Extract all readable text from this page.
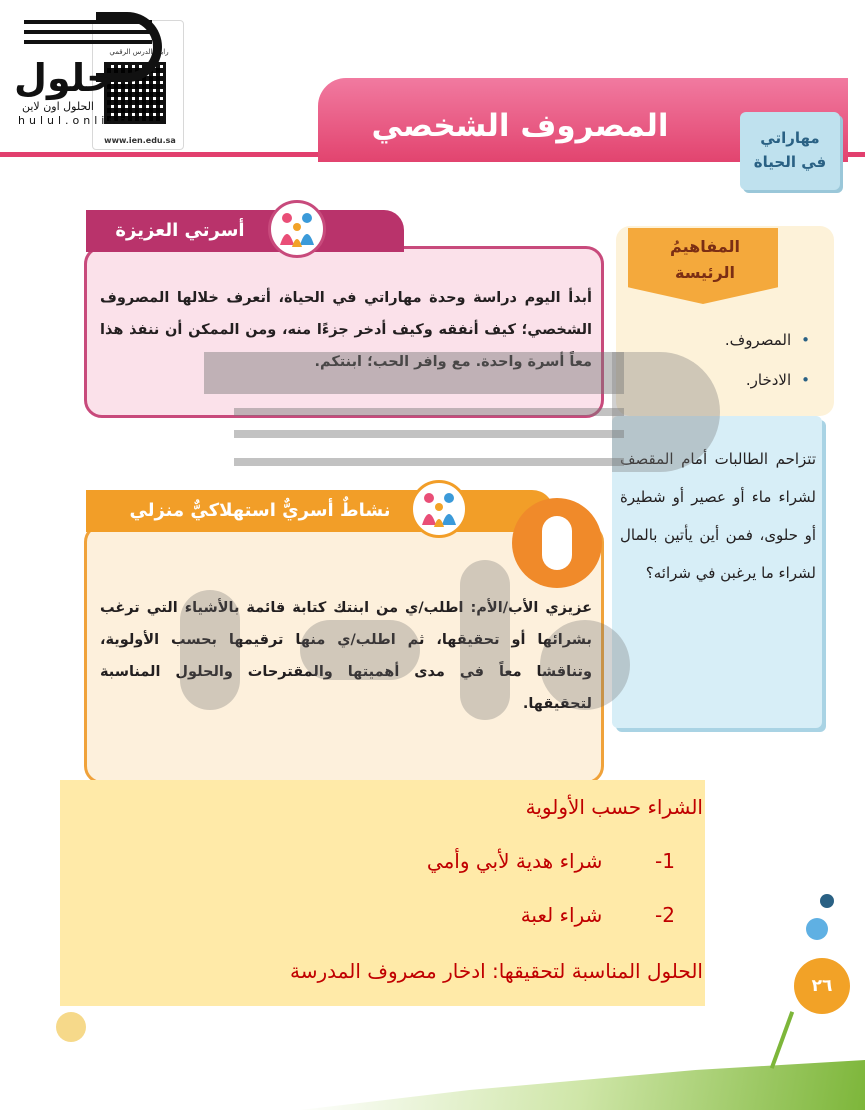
المصروف الشخصي	مهاراتي
في الحياة
رابط الدرس الرقمي
www.ien.edu.sa
حلول
الحلول اون لاين
hulul.online
أسرتي العزيزة
أبدأ اليوم دراسة وحدة مهاراتي في الحياة، أتعرف خلالها المصروف الشخصي؛ كيف أنفقه وكيف أدخر جزءًا منه، ومن الممكن أن ننفذ هذا معاً أسرة واحدة. مع وافر الحب؛ ابنتكم.
المفاهيمُ
الرئيسة
•المصروف.
•الادخار.
تتزاحم الطالبات أمام المقصف لشراء ماء أو عصير أو شطيرة أو حلوى، فمن أين يأتين بالمال لشراء ما يرغبن في شرائه؟
نشاطٌ أسريٌّ استهلاكيٌّ منزلي
عزيزي الأب/الأم: اطلب/ي من ابنتك كتابة قائمة بالأشياء التي ترغب بشرائها أو تحقيقها، ثم اطلب/ي منها ترقيمها بحسب الأولوية، وتناقشا معاً في مدى أهميتها والمقترحات والحلول المناسبة لتحقيقها.
الشراء حسب الأولوية
1-  شراء هدية لأبي وأمي
2-  شراء لعبة
الحلول المناسبة لتحقيقها: ادخار مصروف المدرسة
٢٦
